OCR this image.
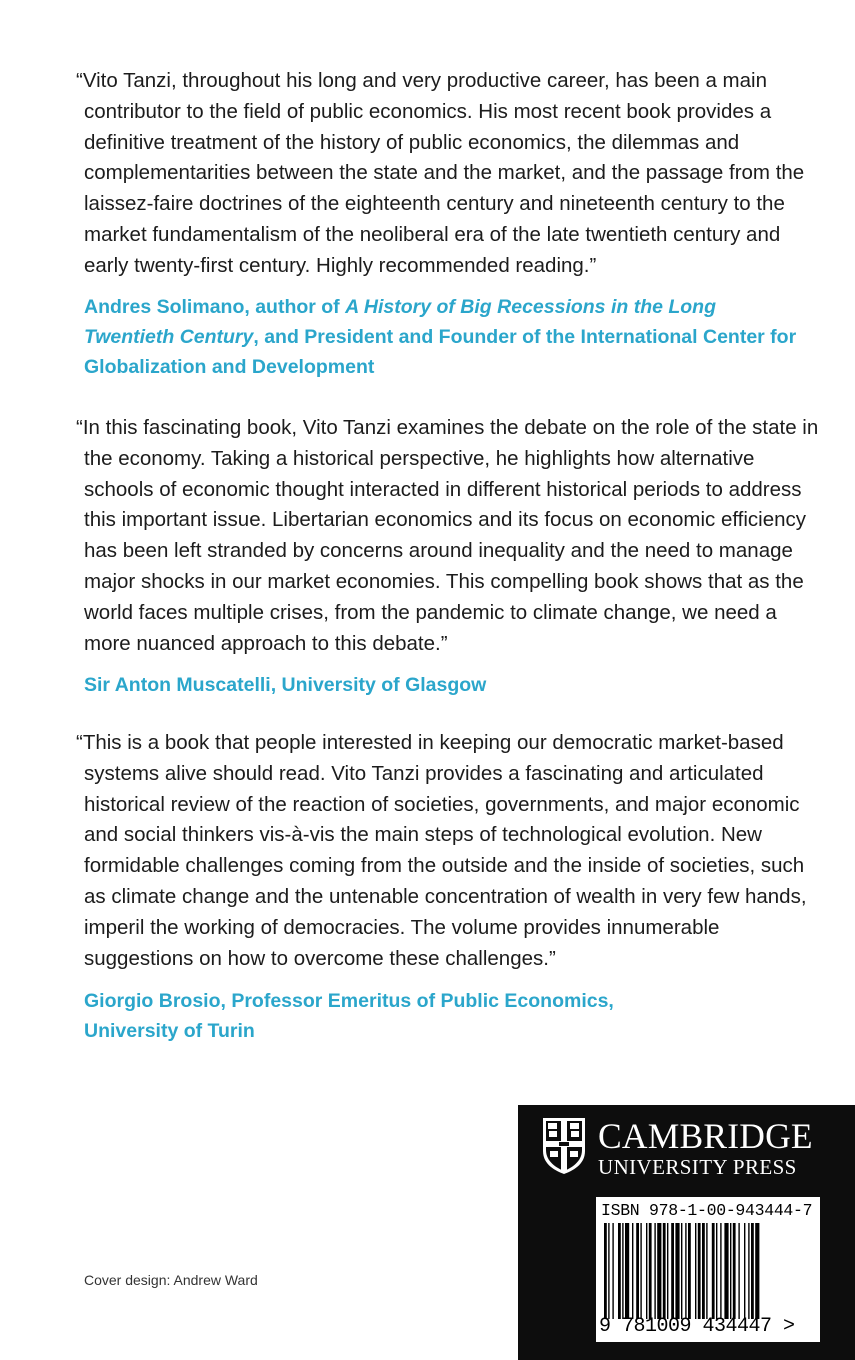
“Vito Tanzi, throughout his long and very productive career, has been a main contributor to the field of public economics. His most recent book provides a definitive treatment of the history of public economics, the dilemmas and complementarities between the state and the market, and the passage from the laissez-faire doctrines of the eighteenth century and nineteenth century to the market fundamentalism of the neoliberal era of the late twentieth century and early twenty-first century. Highly recommended reading.”

Andres Solimano, author of A History of Big Recessions in the Long Twentieth Century, and President and Founder of the International Center for Globalization and Development

“In this fascinating book, Vito Tanzi examines the debate on the role of the state in the economy. Taking a historical perspective, he highlights how alternative schools of economic thought interacted in different historical periods to address this important issue. Libertarian economics and its focus on economic efficiency has been left stranded by concerns around inequality and the need to manage major shocks in our market economies. This compelling book shows that as the world faces multiple crises, from the pandemic to climate change, we need a more nuanced approach to this debate.”

Sir Anton Muscatelli, University of Glasgow

“This is a book that people interested in keeping our democratic market-based systems alive should read. Vito Tanzi provides a fascinating and articulated historical review of the reaction of societies, governments, and major economic and social thinkers vis-à-vis the main steps of technological evolution. New formidable challenges coming from the outside and the inside of societies, such as climate change and the untenable concentration of wealth in very few hands, imperil the working of democracies. The volume provides innumerable suggestions on how to overcome these challenges.”

Giorgio Brosio, Professor Emeritus of Public Economics, University of Turin
Cover design: Andrew Ward
CAMBRIDGE
UNIVERSITY PRESS
ISBN 978-1-00-943444-7
9 781009 434447 >
